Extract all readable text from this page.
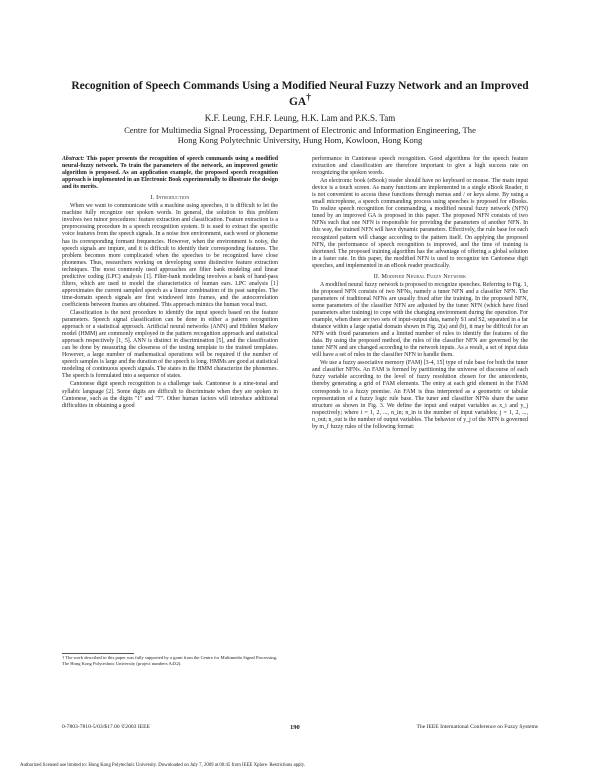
Recognition of Speech Commands Using a Modified Neural Fuzzy Network and an Improved GA†
K.F. Leung, F.H.F. Leung, H.K. Lam and P.K.S. Tam
Centre for Multimedia Signal Processing, Department of Electronic and Information Engineering, The
Hong Kong Polytechnic University, Hung Hom, Kowloon, Hong Kong

Abstract: This paper presents the recognition of speech commands using a modified neural-fuzzy network. To train the parameters of the network, an improved genetic algorithm is proposed. As an application example, the proposed speech recognition approach is implemented in an Electronic Book experimentally to illustrate the design and its merits.

I. Introduction

When we want to communicate with a machine using speeches, it is difficult to let the machine fully recognize our spoken words. In general, the solution to this problem involves two minor procedures: feature extraction and classification. Feature extraction is a preprocessing procedure in a speech recognition system. It is used to extract the specific voice features from the speech signals. In a noise free environment, each word or phoneme has its corresponding formant frequencies. However, when the environment is noisy, the speech signals are impure, and it is difficult to identify their corresponding features. The problem becomes more complicated when the speeches to be recognized have close phonemes. Thus, researchers working on developing some distinctive feature extraction techniques. The most commonly used approaches are filter bank modeling and linear predictive coding (LPC) analysis [1]. Filter-bank modeling involves a bank of band-pass filters, which are used to model the characteristics of human ears. LPC analysis [1] approximates the current sampled speech as a linear combination of its past samples. The time-domain speech signals are first windowed into frames, and the autocorrelation coefficients between frames are obtained. This approach mimics the human vocal tract.

Classification is the next procedure to identify the input speech based on the feature parameters. Speech signal classification can be done in either a pattern recognition approach or a statistical approach. Artificial neural networks (ANN) and Hidden Markov model (HMM) are commonly employed in the pattern recognition approach and statistical approach respectively [1, 5]. ANN is distinct in discrimination [5], and the classification can be done by measuring the closeness of the testing template to the trained templates. However, a large number of mathematical operations will be required if the number of speech samples is large and the duration of the speech is long. HMMs are good at statistical modeling of continuous speech signals. The states in the HMM characterize the phonemes. The speech is formulated into a sequence of states.

Cantonese digit speech recognition is a challenge task. Cantonese is a nine-tonal and syllabic language [2]. Some digits are difficult to discriminate when they are spoken in Cantonese, such as the digits "1" and "7". Other human factors will introduce additional difficulties in obtaining a good

† The work described in this paper was fully supported by a grant from the Centre for Multimedia Signal Processing, The Hong Kong Polytechnic University (project numbers A432).

performance in Cantonese speech recognition. Good algorithms for the speech feature extraction and classification are therefore important to give a high success rate on recognizing the spoken words.

An electronic book (eBook) reader should have no keyboard or mouse. The main input device is a touch screen. As many functions are implemented in a single eBook Reader, it is not convenient to access these functions through menus and / or keys alone. By using a small microphone, a speech commanding process using speeches is proposed for eBooks. To realize speech recognition for commanding, a modified neural fuzzy network (NFN) tuned by an improved GA is proposed in this paper. The proposed NFN consists of two NFNs such that one NFN is responsible for providing the parameters of another NFN. In this way, the trained NFN will have dynamic parameters. Effectively, the rule base for each recognized pattern will change according to the pattern itself. On applying the proposed NFN, the performance of speech recognition is improved, and the time of training is shortened. The proposed training algorithm has the advantage of offering a global solution in a faster rate. In this paper, the modified NFN is used to recognize ten Cantonese digit speeches, and implemented in an eBook reader practically.

II. Modified Neural Fuzzy Network

A modified neural fuzzy network is proposed to recognize speeches. Referring to Fig. 1, the proposed NFN consists of two NFNs, namely a tuner NFN and a classifier NFN. The parameters of traditional NFNs are usually fixed after the training. In the proposed NFN, some parameters of the classifier NFN are adjusted by the tuner NFN (which have fixed parameters after training) to cope with the changing environment during the operation. For example, when there are two sets of input-output data, namely S1 and S2, separated in a far distance within a large spatial domain shown in Fig. 2(a) and (b), it may be difficult for an NFN with fixed parameters and a limited number of rules to identify the features of the data. By using the proposed method, the rules of the classifier NFN are governed by the tuner NFN and are changed according to the network inputs. As a result, a set of input data will have a set of rules in the classifier NFN to handle them.

We use a fuzzy associative memory (FAM) [3-4, 15] type of rule base for both the tuner and classifier NFNs. An FAM is formed by partitioning the universe of discourse of each fuzzy variable according to the level of fuzzy resolution chosen for the antecedents, thereby generating a grid of FAM elements. The entry at each grid element in the FAM corresponds to a fuzzy premise. An FAM is thus interpreted as a geometric or tabular representation of a fuzzy logic rule base. The tuner and classifier NFNs share the same structure as shown in Fig. 3. We define the input and output variables as x_i and y_j respectively; where i = 1, 2, ..., n_in; n_in is the number of input variables; j = 1, 2, ..., n_out; n_out is the number of output variables. The behavior of y_j of the NFN is governed by m_f fuzzy rules of the following format:

0-7803-7810-5/03/$17.00 ©2003 IEEE	190	The IEEE International Conference on Fuzzy Systems
Authorized licensed use limited to: Hong Kong Polytechnic University. Downloaded on July 7, 2009 at 00:45 from IEEE Xplore. Restrictions apply.
